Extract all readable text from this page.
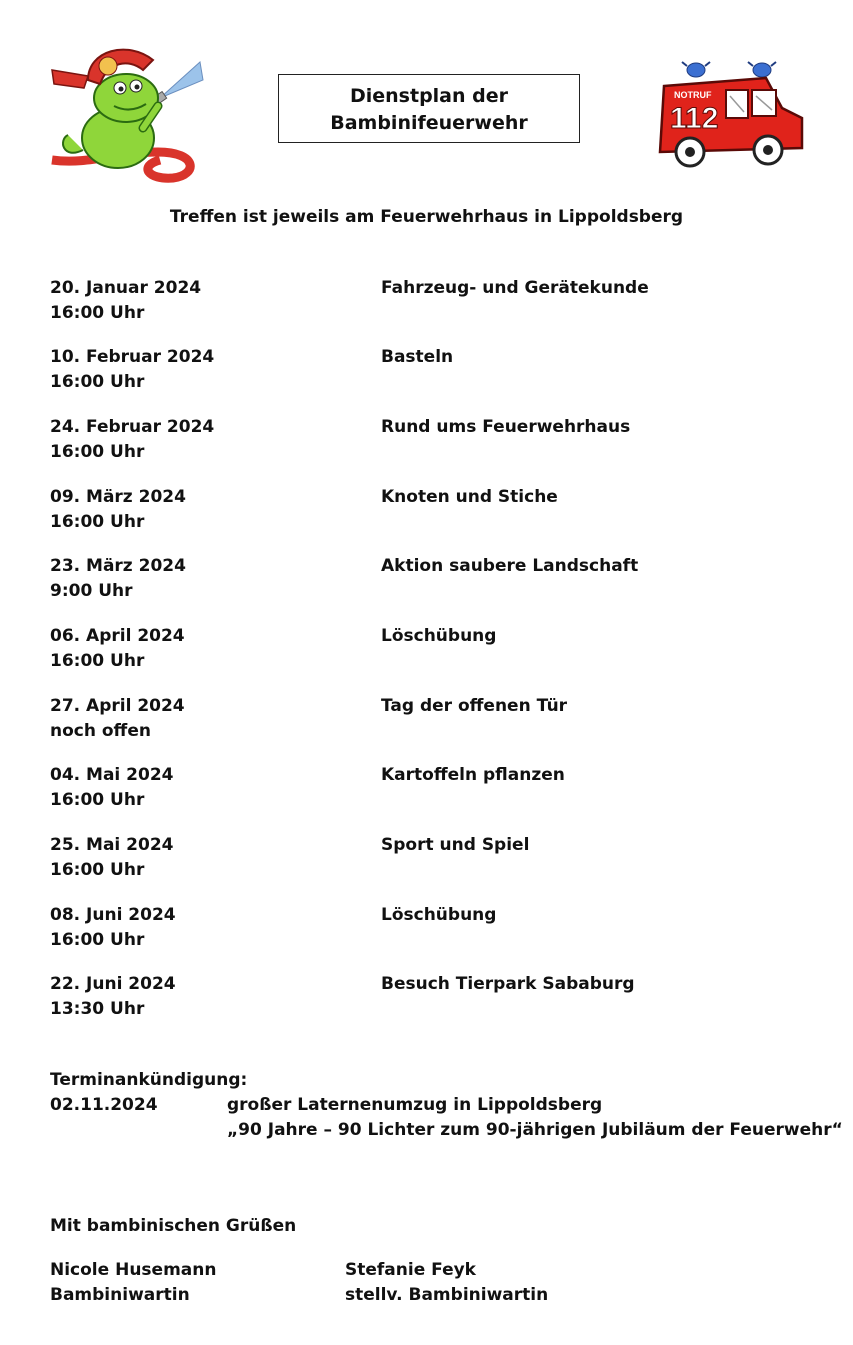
Dienstplan der
Bambinifeuerwehr
NOTRUF
112
Treffen ist jeweils am Feuerwehrhaus in Lippoldsberg
20. Januar 2024
16:00 Uhr
Fahrzeug- und Gerätekunde
10. Februar 2024
16:00 Uhr
Basteln
24. Februar 2024
16:00 Uhr
Rund ums Feuerwehrhaus
09. März 2024
16:00 Uhr
Knoten und Stiche
23. März 2024
9:00 Uhr
Aktion saubere Landschaft
06. April 2024
16:00 Uhr
Löschübung
27. April 2024
noch offen
Tag der offenen Tür
04. Mai 2024
16:00 Uhr
Kartoffeln pflanzen
25. Mai 2024
16:00 Uhr
Sport und Spiel
08. Juni 2024
16:00 Uhr
Löschübung
22. Juni 2024
13:30 Uhr
Besuch Tierpark Sababurg
Terminankündigung:
02.11.2024	großer Laternenumzug in Lippoldsberg
„90 Jahre – 90 Lichter zum 90-jährigen Jubiläum der Feuerwehr“
Mit bambinischen Grüßen
Nicole Husemann
Bambiniwartin
Stefanie Feyk
stellv. Bambiniwartin
